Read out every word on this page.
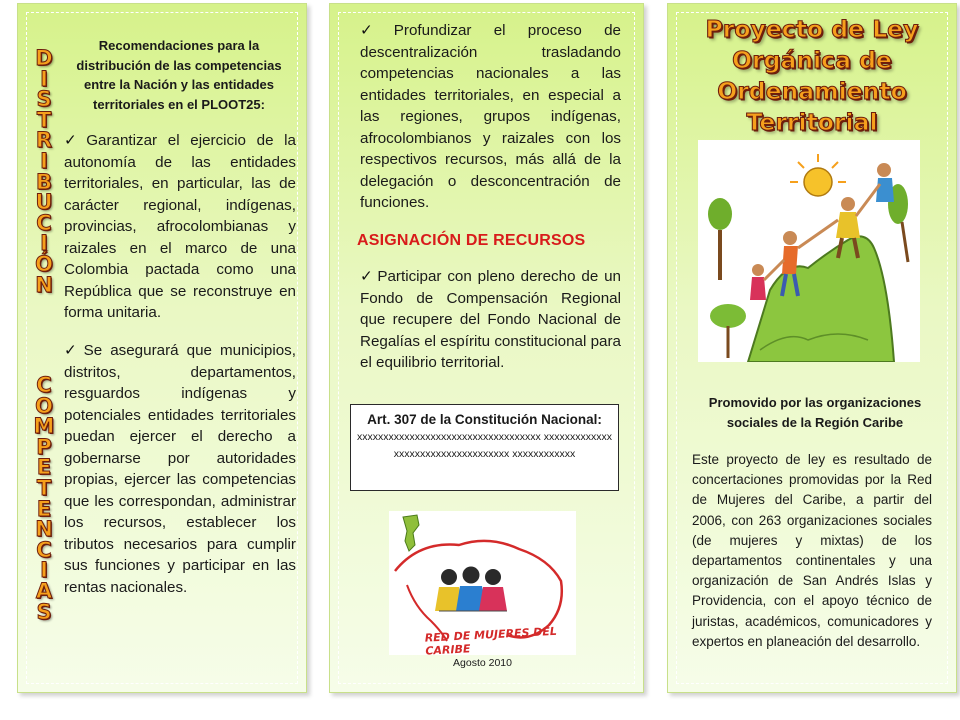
D
I
S
T
R
I
B
U
C
I
Ó
N
C
O
M
P
E
T
E
N
C
I
A
S
Recomendaciones para la distribución de las competencias entre la Nación y las entidades territoriales en el PLOOT25:
✓ Garantizar el ejercicio de la autonomía de las entidades territoriales, en particular, las de carácter regional, indígenas, provincias, afrocolombianas y raizales en el marco de una Colombia pactada como una República que se reconstruye en forma unitaria.
✓ Se asegurará que municipios, distritos, departamentos, resguardos indígenas y potenciales entidades territoriales puedan ejercer el derecho a gobernarse por autoridades propias, ejercer las competencias que les correspondan, administrar los recursos, establecer los tributos necesarios para cumplir sus funciones y participar en las rentas nacionales.
✓ Profundizar el proceso de descentralización trasladando competencias nacionales a las entidades territoriales, en especial a las regiones, grupos indígenas, afrocolombianos y raizales con los respectivos recursos, más allá de la delegación o desconcentración de funciones.
ASIGNACIÓN DE RECURSOS
✓ Participar con pleno derecho de un Fondo de Compensación Regional que recupere del Fondo Nacional de Regalías el espíritu constitucional para el equilibrio territorial.
Art. 307 de la Constitución Nacional:
xxxxxxxxxxxxxxxxxxxxxxxxxxxxxxxxxxx xxxxxxxxxxxxxxxxxxxxxxxxxxxxxxxxxxx xxxxxxxxxxxx
RED DE MUJERES DEL CARIBE
Agosto 2010
Proyecto de Ley Orgánica de Ordenamiento Territorial
Promovido por las organizaciones sociales de la Región Caribe
Este proyecto de ley es resultado de concertaciones promovidas por la Red de Mujeres del Caribe, a partir del 2006, con 263 organizaciones sociales (de mujeres y mixtas) de los departamentos continentales y una organización de San Andrés Islas y Providencia, con el apoyo técnico de juristas, académicos, comunicadores y expertos en planeación del desarrollo.
